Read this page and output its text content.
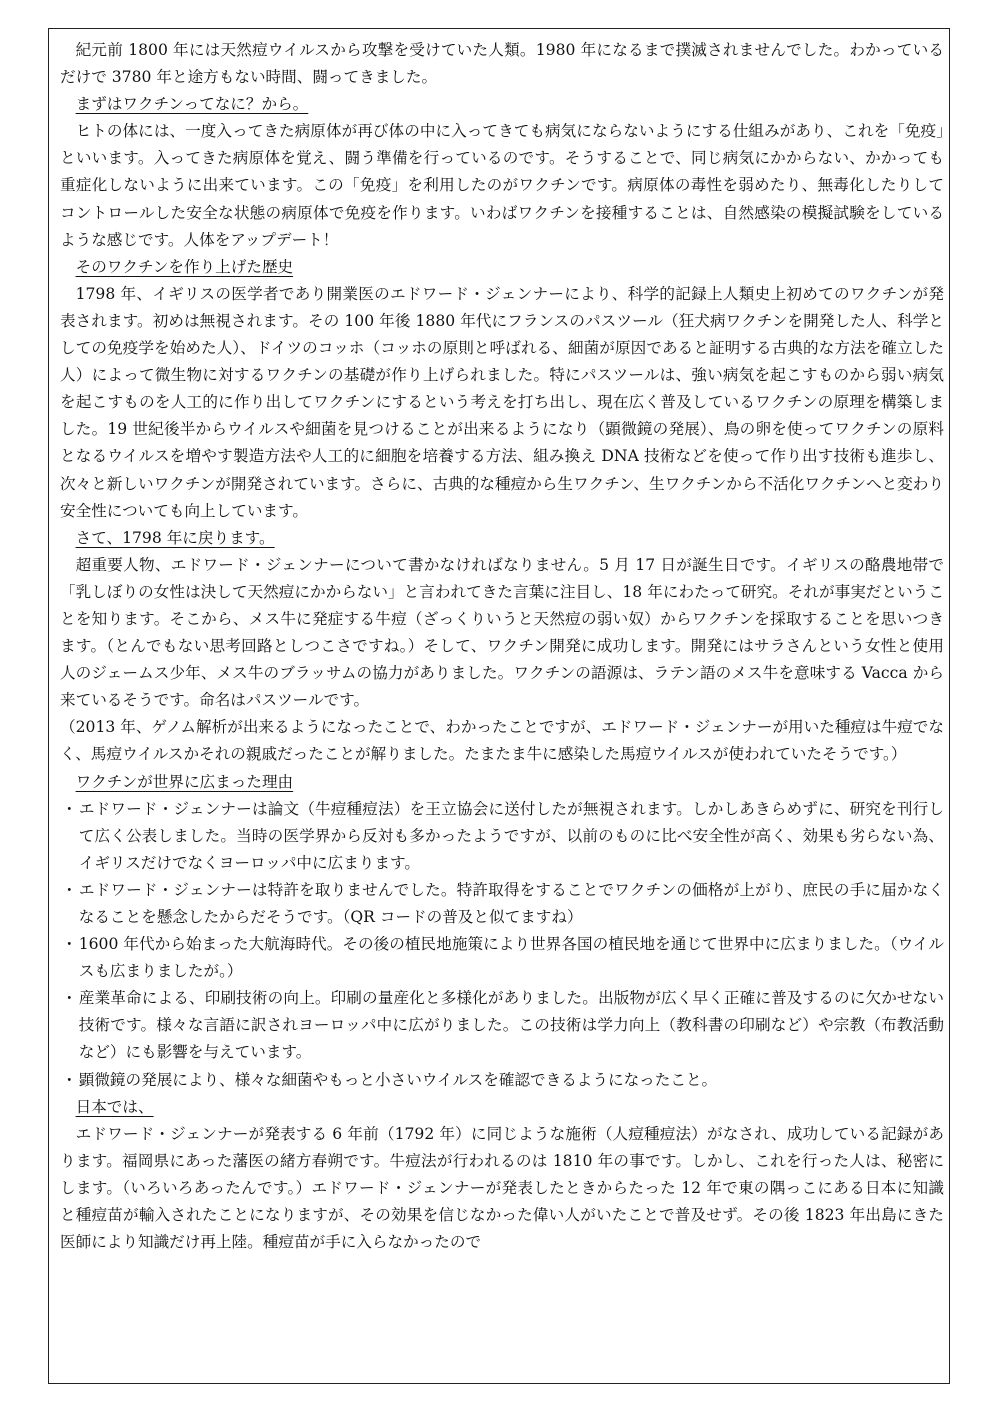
紀元前 1800 年には天然痘ウイルスから攻撃を受けていた人類。1980 年になるまで撲滅されませんでした。わかっているだけで 3780 年と途方もない時間、闘ってきました。

まずはワクチンってなに？から。

ヒトの体には、一度入ってきた病原体が再び体の中に入ってきても病気にならないようにする仕組みがあり、これを「免疫」といいます。入ってきた病原体を覚え、闘う準備を行っているのです。そうすることで、同じ病気にかからない、かかっても重症化しないように出来ています。この「免疫」を利用したのがワクチンです。病原体の毒性を弱めたり、無毒化したりしてコントロールした安全な状態の病原体で免疫を作ります。いわばワクチンを接種することは、自然感染の模擬試験をしているような感じです。人体をアップデート！

そのワクチンを作り上げた歴史

1798 年、イギリスの医学者であり開業医のエドワード・ジェンナーにより、科学的記録上人類史上初めてのワクチンが発表されます。初めは無視されます。その 100 年後 1880 年代にフランスのパスツール（狂犬病ワクチンを開発した人、科学としての免疫学を始めた人）、ドイツのコッホ（コッホの原則と呼ばれる、細菌が原因であると証明する古典的な方法を確立した人）によって微生物に対するワクチンの基礎が作り上げられました。特にパスツールは、強い病気を起こすものから弱い病気を起こすものを人工的に作り出してワクチンにするという考えを打ち出し、現在広く普及しているワクチンの原理を構築しました。19 世紀後半からウイルスや細菌を見つけることが出来るようになり（顕微鏡の発展）、鳥の卵を使ってワクチンの原料となるウイルスを増やす製造方法や人工的に細胞を培養する方法、組み換え DNA 技術などを使って作り出す技術も進歩し、次々と新しいワクチンが開発されています。さらに、古典的な種痘から生ワクチン、生ワクチンから不活化ワクチンへと変わり安全性についても向上しています。

さて、1798 年に戻ります。

超重要人物、エドワード・ジェンナーについて書かなければなりません。5 月 17 日が誕生日です。イギリスの酪農地帯で「乳しぼりの女性は決して天然痘にかからない」と言われてきた言葉に注目し、18 年にわたって研究。それが事実だということを知ります。そこから、メス牛に発症する牛痘（ざっくりいうと天然痘の弱い奴）からワクチンを採取することを思いつきます。（とんでもない思考回路としつこさですね。）そして、ワクチン開発に成功します。開発にはサラさんという女性と使用人のジェームス少年、メス牛のブラッサムの協力がありました。ワクチンの語源は、ラテン語のメス牛を意味する Vacca から来ているそうです。命名はパスツールです。

（2013 年、ゲノム解析が出来るようになったことで、わかったことですが、エドワード・ジェンナーが用いた種痘は牛痘でなく、馬痘ウイルスかそれの親戚だったことが解りました。たまたま牛に感染した馬痘ウイルスが使われていたそうです。）

ワクチンが世界に広まった理由
・ エドワード・ジェンナーは論文（牛痘種痘法）を王立協会に送付したが無視されます。しかしあきらめずに、研究を刊行して広く公表しました。当時の医学界から反対も多かったようですが、以前のものに比べ安全性が高く、効果も劣らない為、イギリスだけでなくヨーロッパ中に広まります。
・ エドワード・ジェンナーは特許を取りませんでした。特許取得をすることでワクチンの価格が上がり、庶民の手に届かなくなることを懸念したからだそうです。（QR コードの普及と似てますね）
・ 1600 年代から始まった大航海時代。その後の植民地施策により世界各国の植民地を通じて世界中に広まりました。（ウイルスも広まりましたが。）
・ 産業革命による、印刷技術の向上。印刷の量産化と多様化がありました。出版物が広く早く正確に普及するのに欠かせない技術です。様々な言語に訳されヨーロッパ中に広がりました。この技術は学力向上（教科書の印刷など）や宗教（布教活動など）にも影響を与えています。
・ 顕微鏡の発展により、様々な細菌やもっと小さいウイルスを確認できるようになったこと。
日本では、

エドワード・ジェンナーが発表する 6 年前（1792 年）に同じような施術（人痘種痘法）がなされ、成功している記録があります。福岡県にあった藩医の緒方春朔です。牛痘法が行われるのは 1810 年の事です。しかし、これを行った人は、秘密にします。（いろいろあったんです。）エドワード・ジェンナーが発表したときからたった 12 年で東の隅っこにある日本に知識と種痘苗が輸入されたことになりますが、その効果を信じなかった偉い人がいたことで普及せず。その後 1823 年出島にきた医師により知識だけ再上陸。種痘苗が手に入らなかったので
